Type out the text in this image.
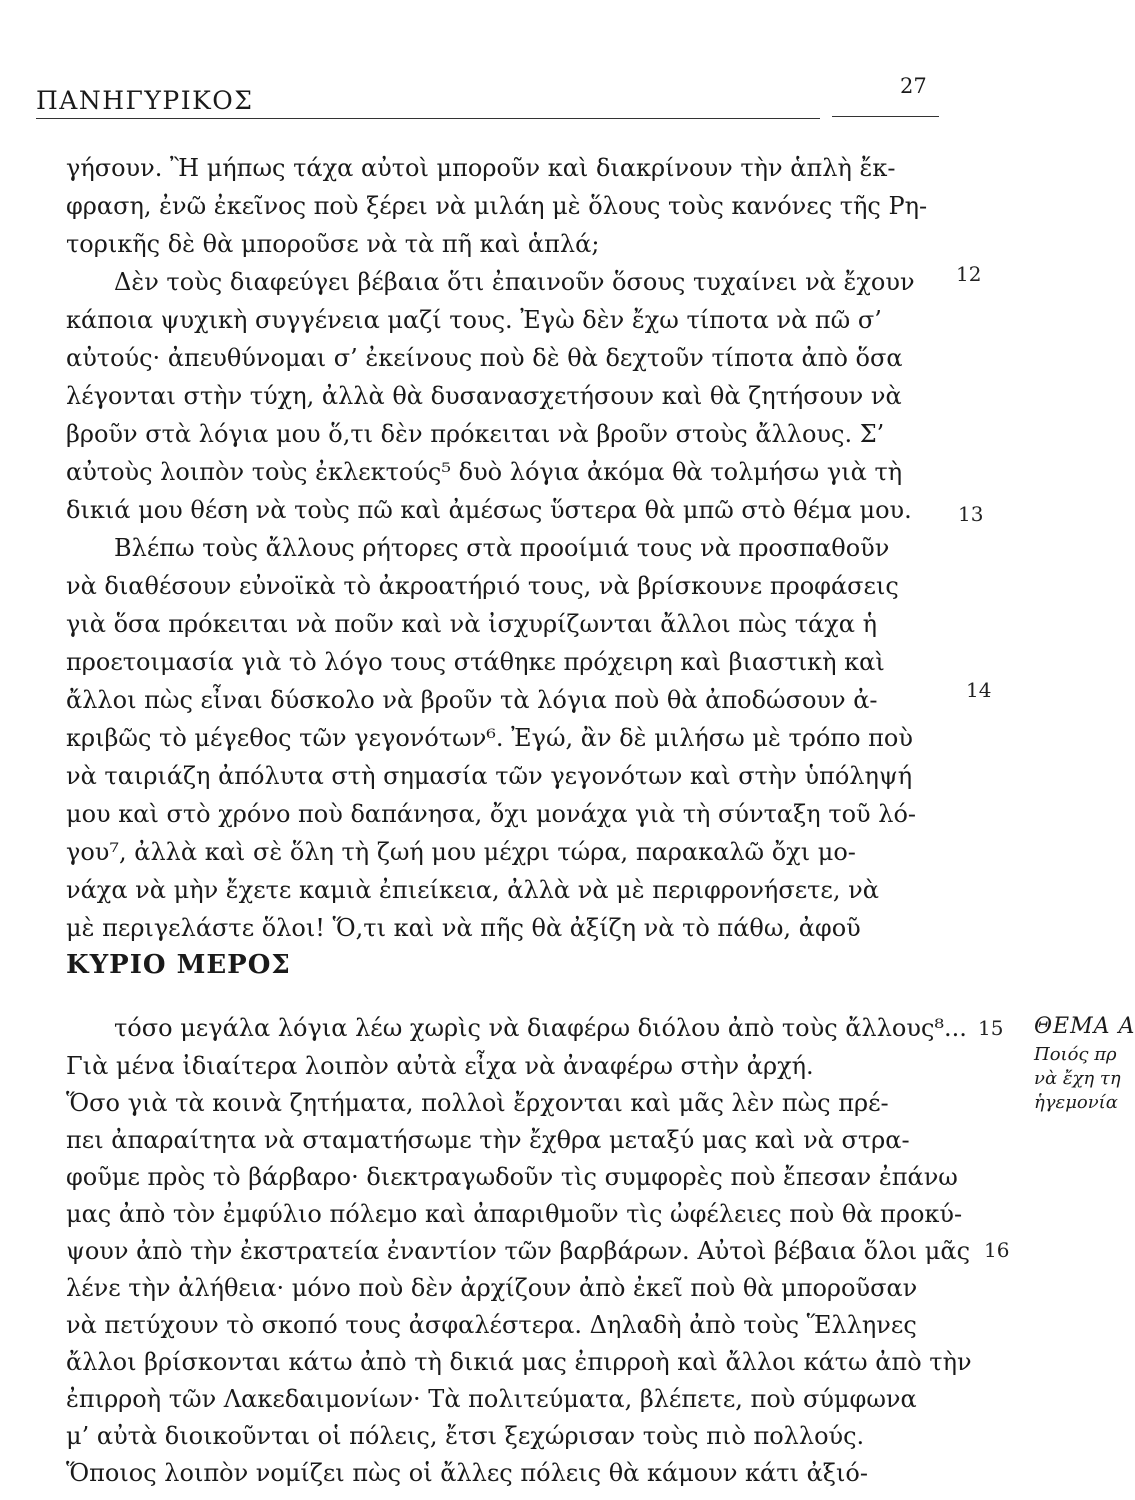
ΠΑΝΗΓΥΡΙΚΟΣ	27
γήσουν. Ἢ μήπως τάχα αὐτοὶ μποροῦν καὶ διακρίνουν τὴν ἁπλὴ ἔκ-
φραση, ἐνῶ ἐκεῖνος ποὺ ξέρει νὰ μιλάη μὲ ὅλους τοὺς κανόνες τῆς Ρη-
τορικῆς δὲ θὰ μποροῦσε νὰ τὰ πῆ καὶ ἁπλά;
Δὲν τοὺς διαφεύγει βέβαια ὅτι ἐπαινοῦν ὅσους τυχαίνει νὰ ἔχουν
κάποια ψυχικὴ συγγένεια μαζί τους. Ἐγὼ δὲν ἔχω τίποτα νὰ πῶ σ’
αὐτούς· ἀπευθύνομαι σ’ ἐκείνους ποὺ δὲ θὰ δεχτοῦν τίποτα ἀπὸ ὅσα
λέγονται στὴν τύχη, ἀλλὰ θὰ δυσανασχετήσουν καὶ θὰ ζητήσουν νὰ
βροῦν στὰ λόγια μου ὅ,τι δὲν πρόκειται νὰ βροῦν στοὺς ἄλλους. Σ’
αὐτοὺς λοιπὸν τοὺς ἐκλεκτούς⁵ δυὸ λόγια ἀκόμα θὰ τολμήσω γιὰ τὴ
δικιά μου θέση νὰ τοὺς πῶ καὶ ἀμέσως ὕστερα θὰ μπῶ στὸ θέμα μου.
Βλέπω τοὺς ἄλλους ρήτορες στὰ προοίμιά τους νὰ προσπαθοῦν
νὰ διαθέσουν εὐνοϊκὰ τὸ ἀκροατήριό τους, νὰ βρίσκουνε προφάσεις
γιὰ ὅσα πρόκειται νὰ ποῦν καὶ νὰ ἰσχυρίζωνται ἄλλοι πὼς τάχα ἡ
προετοιμασία γιὰ τὸ λόγο τους στάθηκε πρόχειρη καὶ βιαστικὴ καὶ
ἄλλοι πὼς εἶναι δύσκολο νὰ βροῦν τὰ λόγια ποὺ θὰ ἀποδώσουν ἀ-
κριβῶς τὸ μέγεθος τῶν γεγονότων⁶. Ἐγώ, ἂν δὲ μιλήσω μὲ τρόπο ποὺ
νὰ ταιριάζη ἀπόλυτα στὴ σημασία τῶν γεγονότων καὶ στὴν ὑπόληψή
μου καὶ στὸ χρόνο ποὺ δαπάνησα, ὄχι μονάχα γιὰ τὴ σύνταξη τοῦ λό-
γου⁷, ἀλλὰ καὶ σὲ ὅλη τὴ ζωή μου μέχρι τώρα, παρακαλῶ ὄχι μο-
νάχα νὰ μὴν ἔχετε καμιὰ ἐπιείκεια, ἀλλὰ νὰ μὲ περιφρονήσετε, νὰ
μὲ περιγελάστε ὅλοι! Ὅ,τι καὶ νὰ πῆς θὰ ἀξίζη νὰ τὸ πάθω, ἀφοῦ
ΚΥΡΙΟ ΜΕΡΟΣ
τόσο μεγάλα λόγια λέω χωρὶς νὰ διαφέρω διόλου ἀπὸ τοὺς ἄλλους⁸...
Γιὰ μένα ἰδιαίτερα λοιπὸν αὐτὰ εἶχα νὰ ἀναφέρω στὴν ἀρχή.
Ὅσο γιὰ τὰ κοινὰ ζητήματα, πολλοὶ ἔρχονται καὶ μᾶς λὲν πὼς πρέ-
πει ἀπαραίτητα νὰ σταματήσωμε τὴν ἔχθρα μεταξύ μας καὶ νὰ στρα-
φοῦμε πρὸς τὸ βάρβαρο· διεκτραγωδοῦν τὶς συμφορὲς ποὺ ἔπεσαν ἐπάνω
μας ἀπὸ τὸν ἐμφύλιο πόλεμο καὶ ἀπαριθμοῦν τὶς ὠφέλειες ποὺ θὰ προκύ-
ψουν ἀπὸ τὴν ἐκστρατεία ἐναντίον τῶν βαρβάρων. Αὐτοὶ βέβαια ὅλοι μᾶς
λένε τὴν ἀλήθεια· μόνο ποὺ δὲν ἀρχίζουν ἀπὸ ἐκεῖ ποὺ θὰ μποροῦσαν
νὰ πετύχουν τὸ σκοπό τους ἀσφαλέστερα. Δηλαδὴ ἀπὸ τοὺς Ἕλληνες
ἄλλοι βρίσκονται κάτω ἀπὸ τὴ δικιά μας ἐπιρροὴ καὶ ἄλλοι κάτω ἀπὸ τὴν
ἐπιρροὴ τῶν Λακεδαιμονίων· Τὰ πολιτεύματα, βλέπετε, ποὺ σύμφωνα
μ’ αὐτὰ διοικοῦνται οἱ πόλεις, ἔτσι ξεχώρισαν τοὺς πιὸ πολλούς.
Ὅποιος λοιπὸν νομίζει πὼς οἱ ἄλλες πόλεις θὰ κάμουν κάτι ἀξιό-
12
13
14
15
16
ΘΕΜΑ Α
Ποιός πρ
νὰ ἔχη τη
ἡγεμονία
